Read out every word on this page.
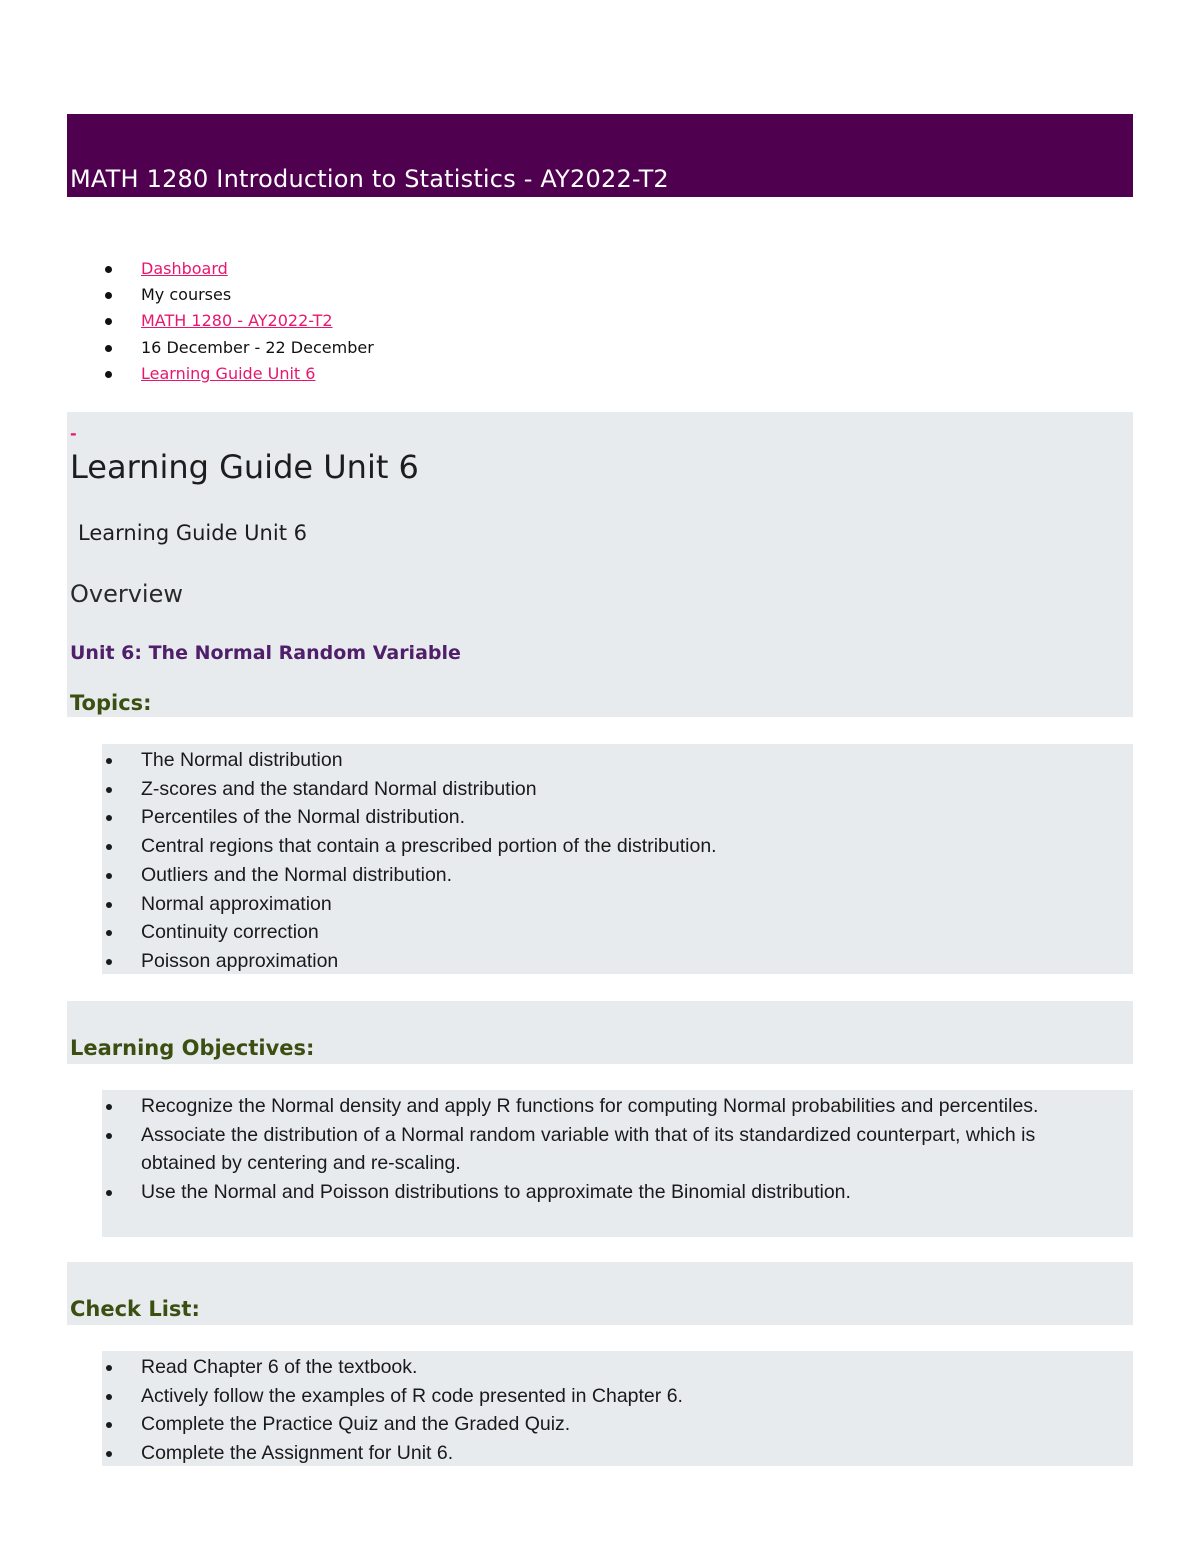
MATH 1280 Introduction to Statistics - AY2022-T2
Dashboard
My courses
MATH 1280 - AY2022-T2
16 December - 22 December
Learning Guide Unit 6
-
Learning Guide Unit 6
Learning Guide Unit 6
Overview
Unit 6: The Normal Random Variable
Topics:
The Normal distribution
Z-scores and the standard Normal distribution
Percentiles of the Normal distribution.
Central regions that contain a prescribed portion of the distribution.
Outliers and the Normal distribution.
Normal approximation
Continuity correction
Poisson approximation
Learning Objectives:
Recognize the Normal density and apply R functions for computing Normal probabilities and percentiles.
Associate the distribution of a Normal random variable with that of its standardized counterpart, which is obtained by centering and re-scaling.
Use the Normal and Poisson distributions to approximate the Binomial distribution.
Check List:
Read Chapter 6 of the textbook.
Actively follow the examples of R code presented in Chapter 6.
Complete the Practice Quiz and the Graded Quiz.
Complete the Assignment for Unit 6.
